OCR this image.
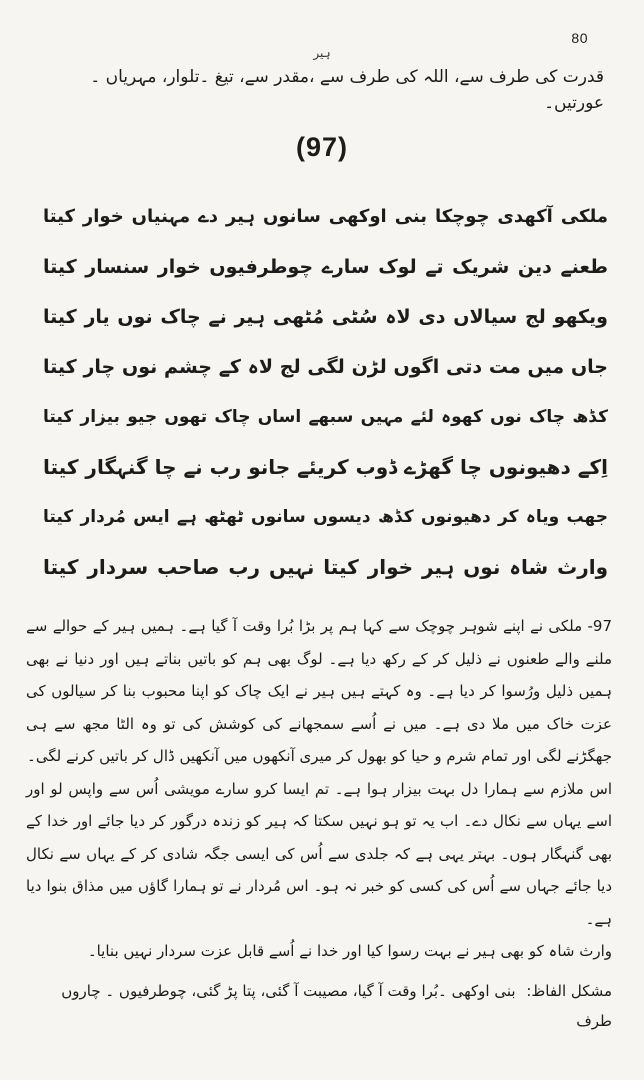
80
ہیر
قدرت کی طرف سے، اللہ کی طرف سے ،مقدر سے، تیغ ۔تلوار، مہریاں ۔عورتیں۔
(97)
ملکی آکھدی چوچکا بنی اوکھی سانوں ہیر دے مہنیاں خوار کیتا
طعنے دین شریک تے لوک سارے چوطرفیوں خوار سنسار کیتا
ویکھو لج سیالاں دی لاہ سُٹی مُٹھی ہیر نے چاک نوں یار کیتا
جاں میں مت دتی اگوں لڑن لگی لج لاہ کے چشم نوں چار کیتا
کڈھ چاک نوں کھوہ لئے مہیں سبھے اساں چاک تھوں جیو بیزار کیتا
اِکے دھیونوں چا گھڑے ڈوب کریئے جانو رب نے چا گنہگار کیتا
جھب ویاہ کر دھیونوں کڈھ دیسوں سانوں ٹھٹھ ہے ایس مُردار کیتا
وارث شاہ نوں ہیر خوار کیتا نہیں رب صاحب سردار کیتا

97- ملکی نے اپنے شوہر چوچک سے کہا ہم پر بڑا بُرا وقت آ گیا ہے۔ ہمیں ہیر کے حوالے سے ملنے والے طعنوں نے ذلیل کر کے رکھ دیا ہے۔ لوگ بھی ہم کو باتیں بناتے ہیں اور دنیا نے بھی ہمیں ذلیل ورُسوا کر دیا ہے۔ وہ کہتے ہیں ہیر نے ایک چاک کو اپنا محبوب بنا کر سیالوں کی عزت خاک میں ملا دی ہے۔ میں نے اُسے سمجھانے کی کوشش کی تو وہ الٹا مجھ سے ہی جھگڑنے لگی اور تمام شرم و حیا کو بھول کر میری آنکھوں میں آنکھیں ڈال کر باتیں کرنے لگی۔

اس ملازم سے ہمارا دل بہت بیزار ہوا ہے۔ تم ایسا کرو سارے مویشی اُس سے واپس لو اور اسے یہاں سے نکال دے۔ اب یہ تو ہو نہیں سکتا کہ ہیر کو زندہ درگور کر دیا جائے اور خدا کے بھی گنہگار ہوں۔ بہتر یہی ہے کہ جلدی سے اُس کی ایسی جگہ شادی کر کے یہاں سے نکال دیا جائے جہاں سے اُس کی کسی کو خبر نہ ہو۔ اس مُردار نے تو ہمارا گاؤں میں مذاق بنوا دیا ہے۔

وارث شاہ کو بھی ہیر نے بہت رسوا کیا اور خدا نے اُسے قابل عزت سردار نہیں بنایا۔

مشکل الفاظ: بنی اوکھی ۔بُرا وقت آ گیا، مصیبت آ گئی، پتا پڑ گئی، چوطرفیوں ۔ چاروں طرف
